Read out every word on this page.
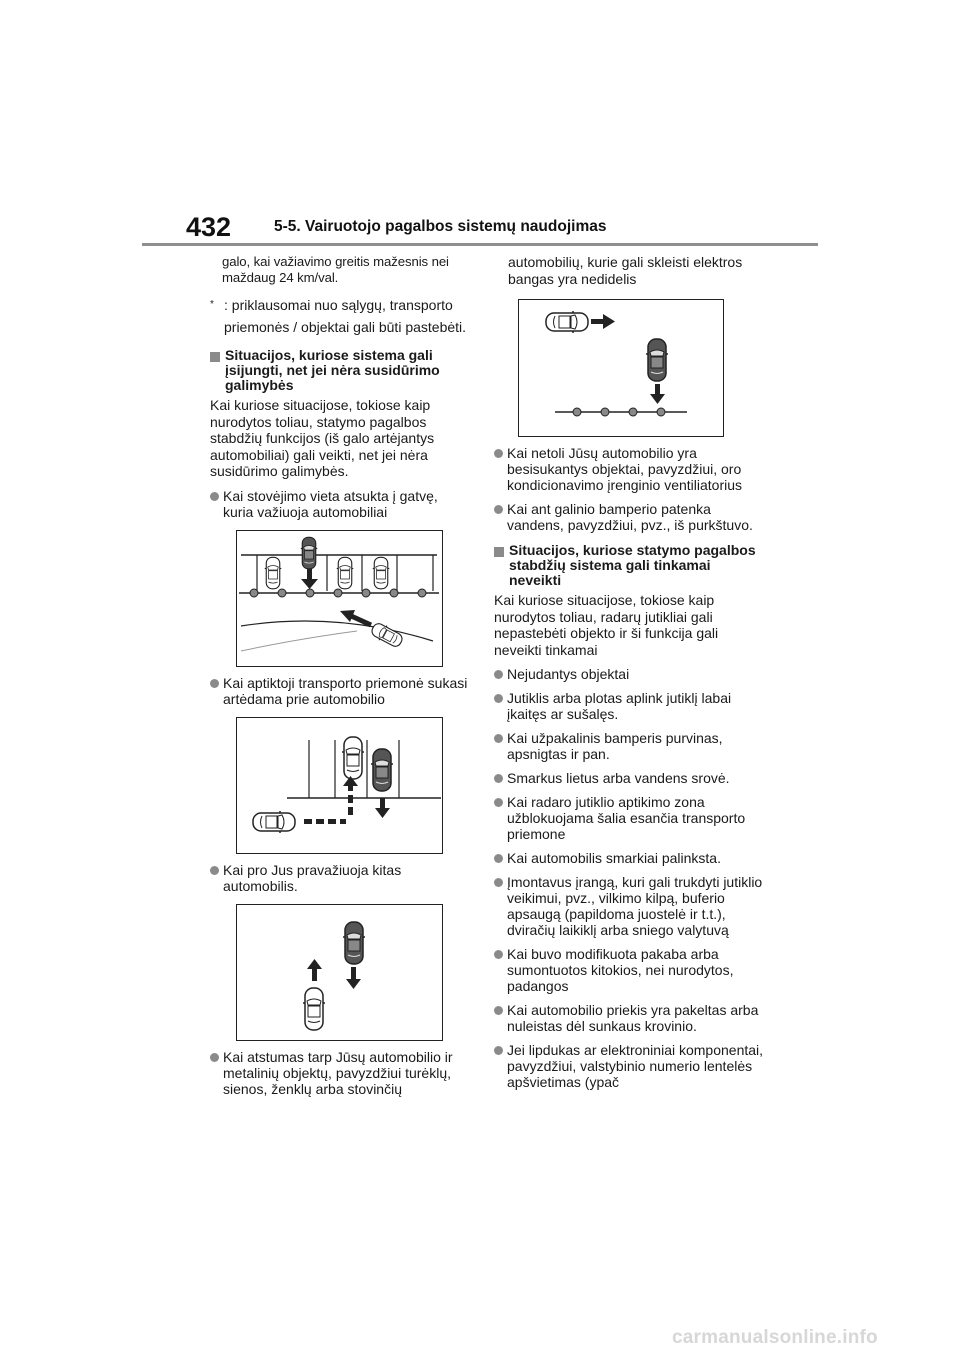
432	5-5. Vairuotojo pagalbos sistemų naudojimas

galo, kai važiavimo greitis mažesnis nei maždaug 24 km/val.

* : priklausomai nuo sąlygų, transporto priemonės / objektai gali būti pastebėti.
Situacijos, kuriose sistema gali įsijungti, net jei nėra susidūrimo galimybės

Kai kuriose situacijose, tokiose kaip nurodytos toliau, statymo pagalbos stabdžių funkcijos (iš galo artėjantys automobiliai) gali veikti, net jei nėra susidūrimo galimybės.

Kai stovėjimo vieta atsukta į gatvę, kuria važiuoja automobiliai
Kai aptiktoji transporto priemonė sukasi artėdama prie automobilio
Kai pro Jus pravažiuoja kitas automobilis.
Kai atstumas tarp Jūsų automobilio ir metalinių objektų, pavyzdžiui turėklų, sienos, ženklų arba stovinčių

automobilių, kurie gali skleisti elektros bangas yra nedidelis

Kai netoli Jūsų automobilio yra besisukantys objektai, pavyzdžiui, oro kondicionavimo įrenginio ventiliatorius
Kai ant galinio bamperio patenka vandens, pavyzdžiui, pvz., iš purkštuvo.
Situacijos, kuriose statymo pagalbos stabdžių sistema gali tinkamai neveikti

Kai kuriose situacijose, tokiose kaip nurodytos toliau, radarų jutikliai gali nepastebėti objekto ir ši funkcija gali neveikti tinkamai

Nejudantys objektai
Jutiklis arba plotas aplink jutiklį labai įkaitęs ar sušalęs.
Kai užpakalinis bamperis purvinas, apsnigtas ir pan.
Smarkus lietus arba vandens srovė.
Kai radaro jutiklio aptikimo zona užblokuojama šalia esančia transporto priemone
Kai automobilis smarkiai palinksta.
Įmontavus įrangą, kuri gali trukdyti jutiklio veikimui, pvz., vilkimo kilpą, buferio apsaugą (papildoma juostelė ir t.t.), dviračių laikiklį arba sniego valytuvą
Kai buvo modifikuota pakaba arba sumontuotos kitokios, nei nurodytos, padangos
Kai automobilio priekis yra pakeltas arba nuleistas dėl sunkaus krovinio.
Jei lipdukas ar elektroniniai komponentai, pavyzdžiui, valstybinio numerio lentelės apšvietimas (ypač
carmanualsonline.info
